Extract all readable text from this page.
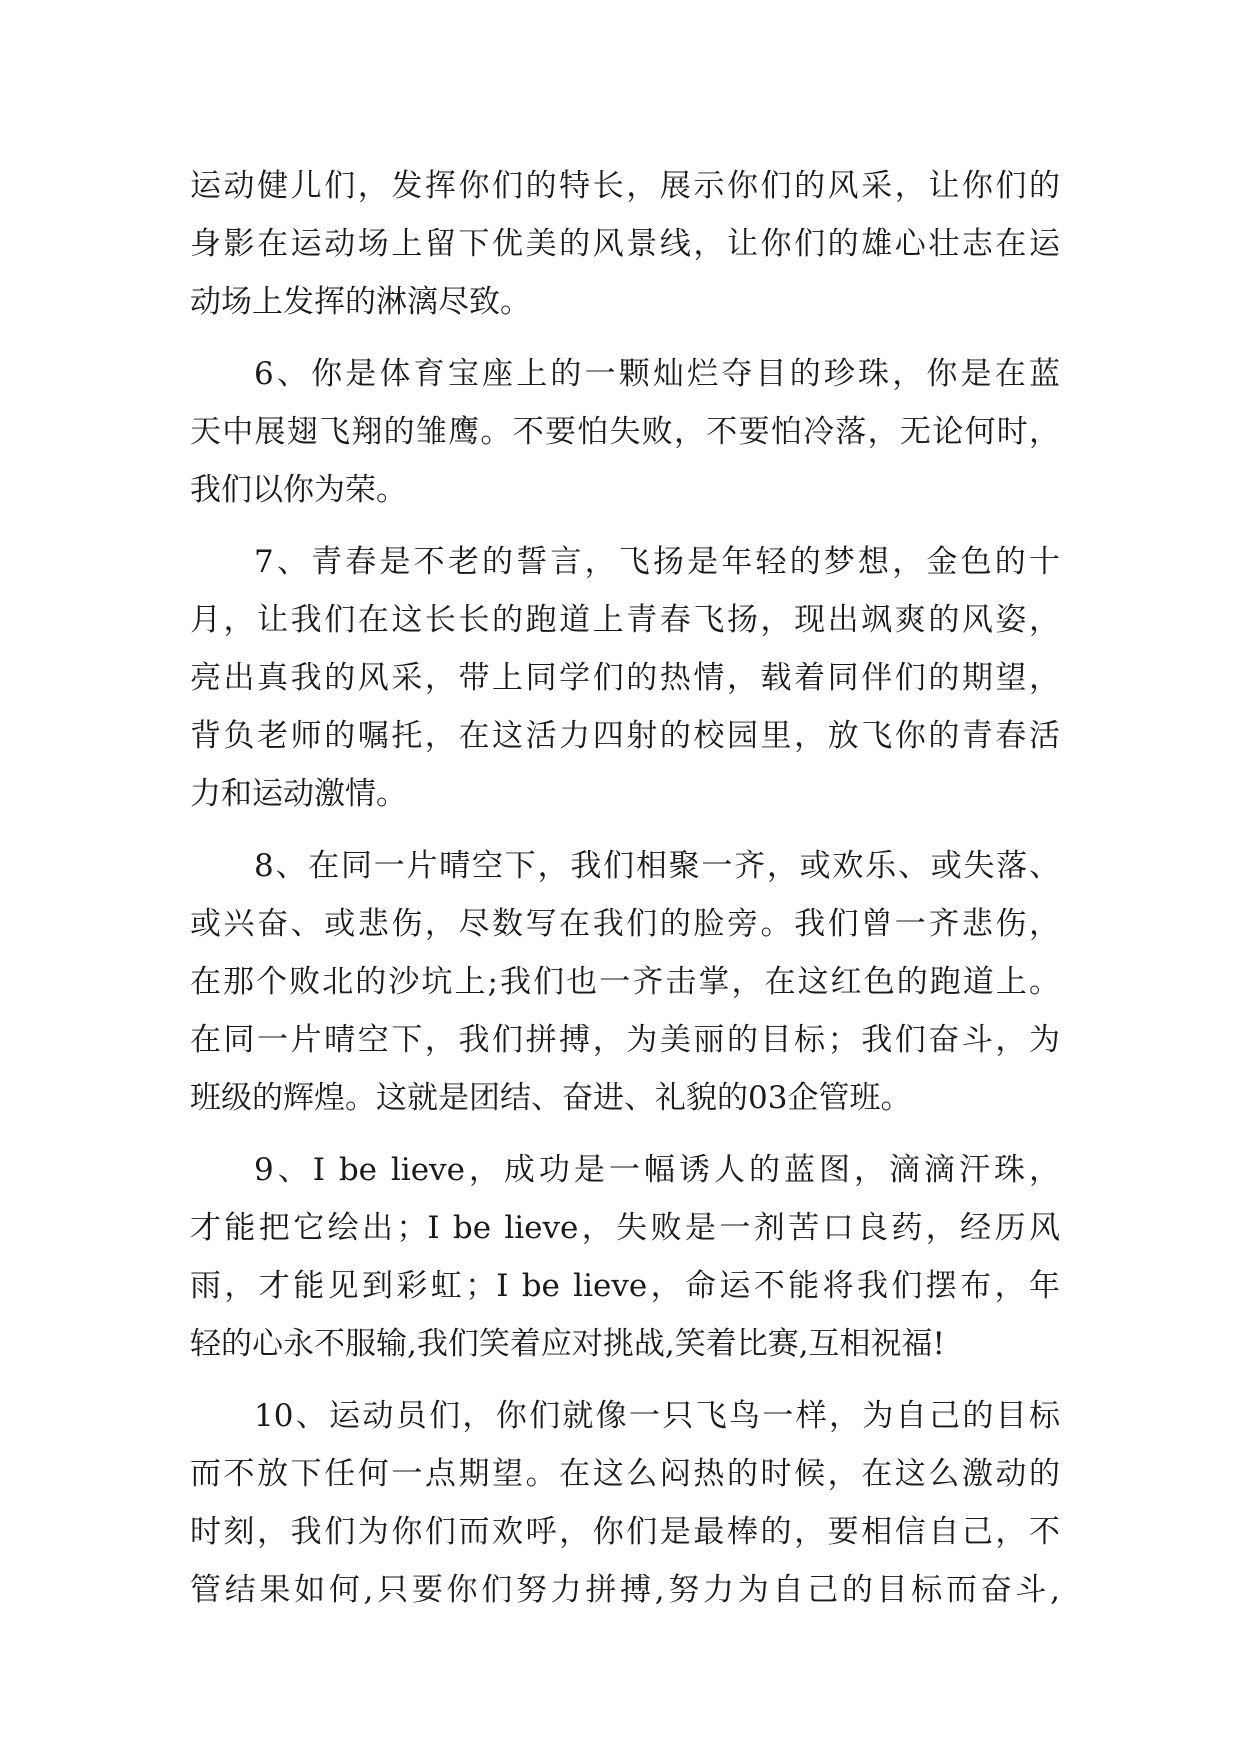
运动健儿们，发挥你们的特长，展示你们的风采，让你们的
身影在运动场上留下优美的风景线，让你们的雄心壮志在运
动场上发挥的淋漓尽致。
6、你是体育宝座上的一颗灿烂夺目的珍珠，你是在蓝
天中展翅飞翔的雏鹰。不要怕失败，不要怕冷落，无论何时，
我们以你为荣。
7、青春是不老的誓言，飞扬是年轻的梦想，金色的十
月，让我们在这长长的跑道上青春飞扬，现出飒爽的风姿，
亮出真我的风采，带上同学们的热情，载着同伴们的期望，
背负老师的嘱托，在这活力四射的校园里，放飞你的青春活
力和运动激情。
8、在同一片晴空下，我们相聚一齐，或欢乐、或失落、
或兴奋、或悲伤，尽数写在我们的脸旁。我们曾一齐悲伤，
在那个败北的沙坑上;我们也一齐击掌，在这红色的跑道上。
在同一片晴空下，我们拼搏，为美丽的目标；我们奋斗，为
班级的辉煌。这就是团结、奋进、礼貌的03企管班。
9、I be lieve，成功是一幅诱人的蓝图，滴滴汗珠，
才能把它绘出；I be lieve，失败是一剂苦口良药，经历风
雨，才能见到彩虹；I be lieve，命运不能将我们摆布，年
轻的心永不服输,我们笑着应对挑战,笑着比赛,互相祝福!
10、运动员们，你们就像一只飞鸟一样，为自己的目标
而不放下任何一点期望。在这么闷热的时候，在这么激动的
时刻，我们为你们而欢呼，你们是最棒的，要相信自己，不
管结果如何,只要你们努力拼搏,努力为自己的目标而奋斗,
